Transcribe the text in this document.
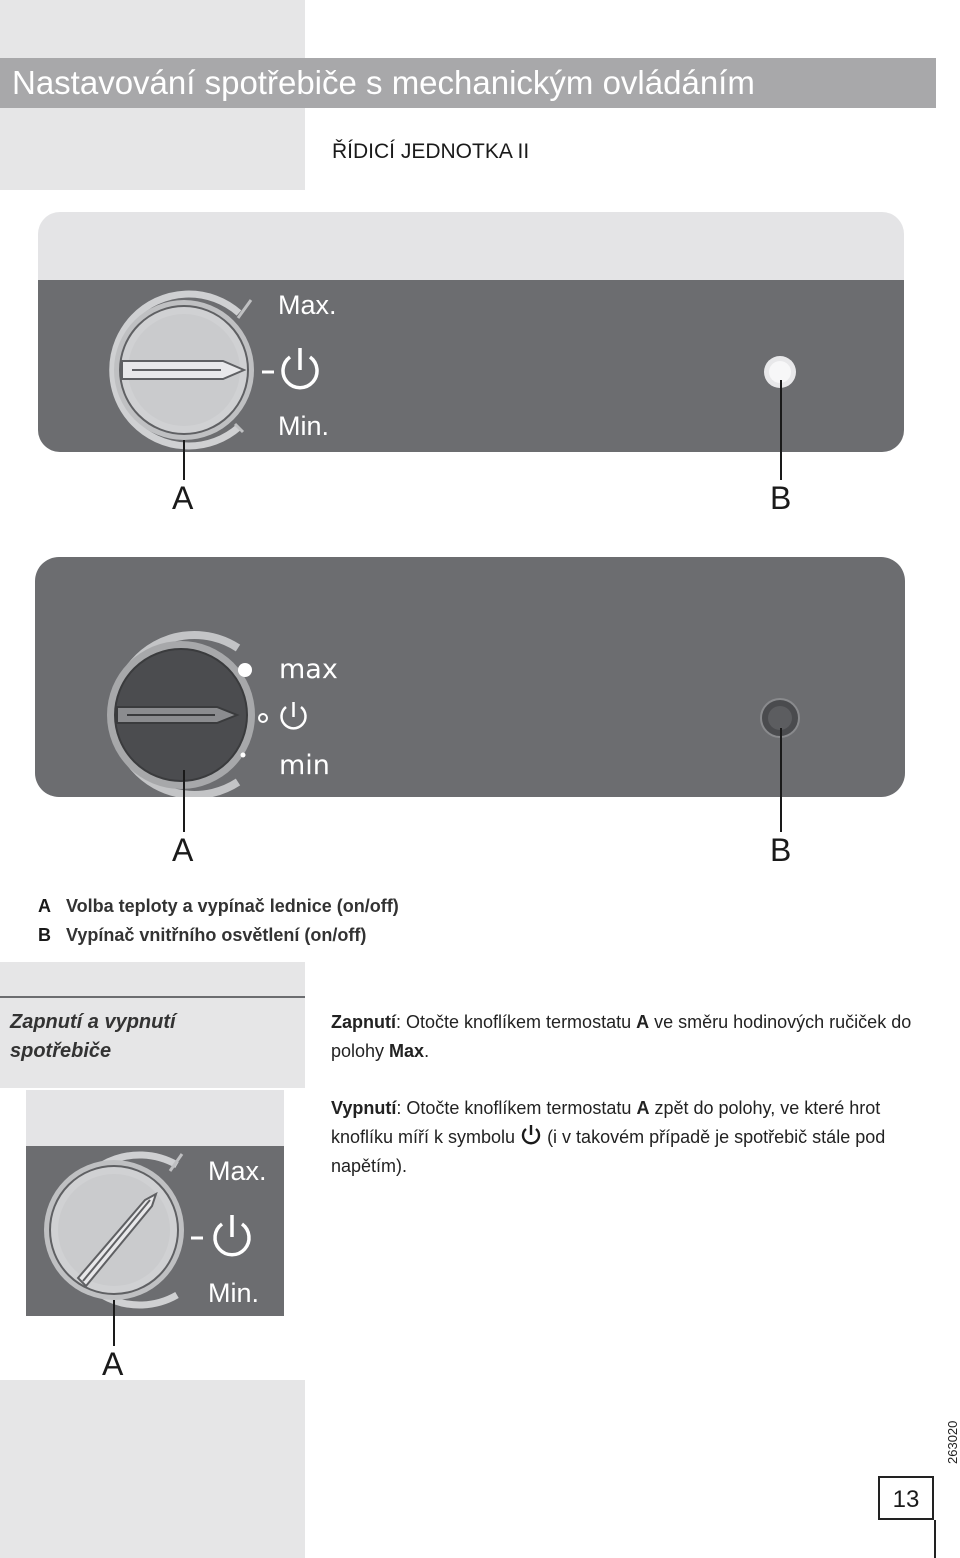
Nastavování spotřebiče s mechanickým ovládáním
ŘÍDICÍ JEDNOTKA II
Max.
Min.
A	B
max
min
A	B
A Volba teploty a vypínač lednice (on/off)
B Vypínač vnitřního osvětlení (on/off)
Zapnutí a vypnutí
spotřebiče
Zapnutí: Otočte knoflíkem termostatu A ve směru hodinových ručiček do polohy Max.
Vypnutí: Otočte knoflíkem termostatu A zpět do polohy, ve které hrot knoflíku míří k symbolu  (i v takovém případě je spotřebič stále pod napětím).
Max.
Min.
A
13
263020
